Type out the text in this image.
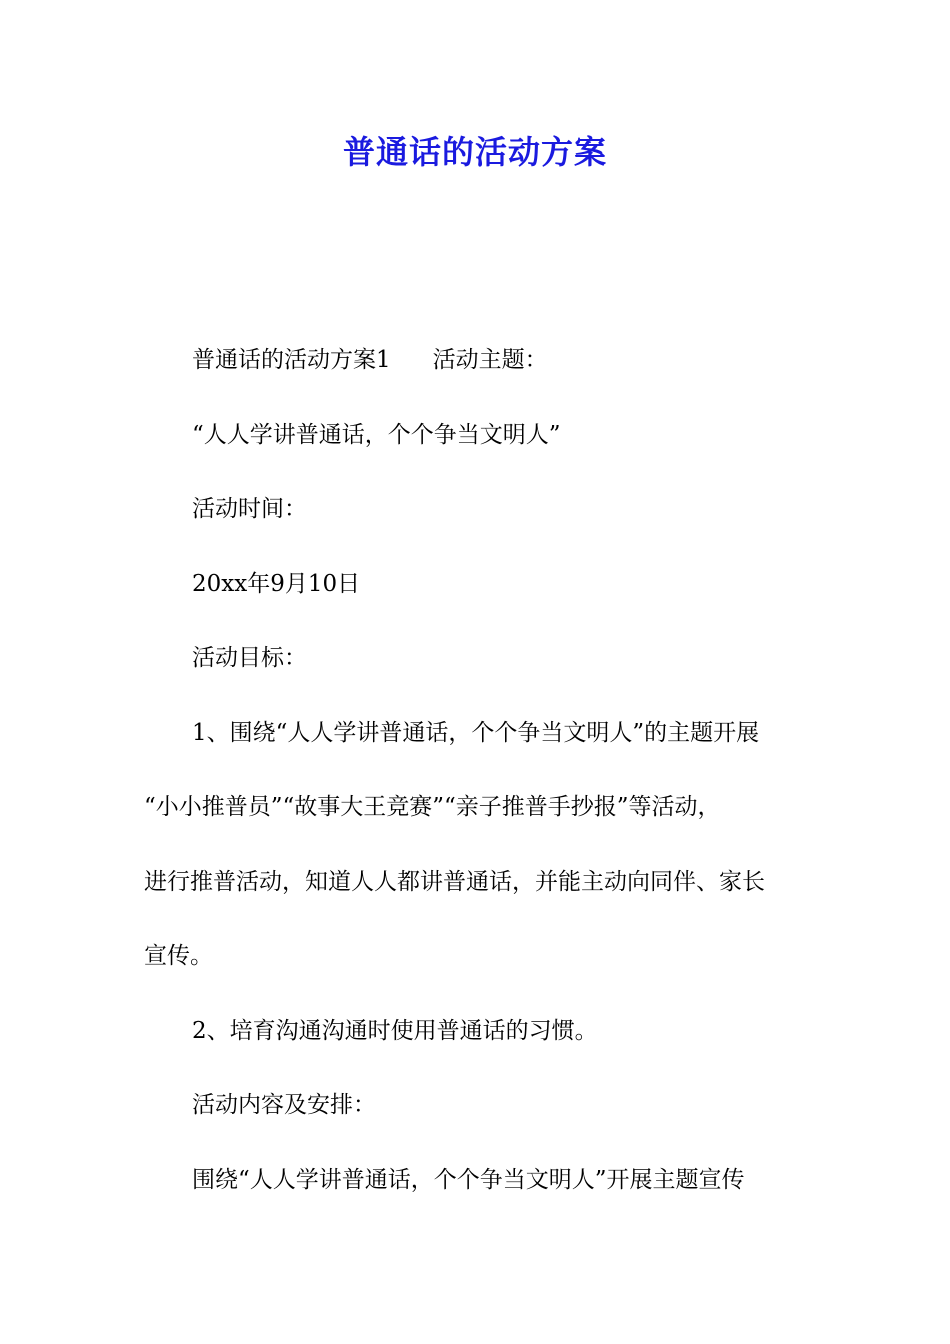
普通话的活动方案
普通话的活动方案1 活动主题：
“人人学讲普通话，个个争当文明人”
活动时间：
20xx年9月10日
活动目标：
1、围绕“人人学讲普通话，个个争当文明人”的主题开展
“小小推普员”“故事大王竞赛”“亲子推普手抄报”等活动，
进行推普活动，知道人人都讲普通话，并能主动向同伴、家长
宣传。
2、培育沟通沟通时使用普通话的习惯。
活动内容及安排：
围绕“人人学讲普通话，个个争当文明人”开展主题宣传
